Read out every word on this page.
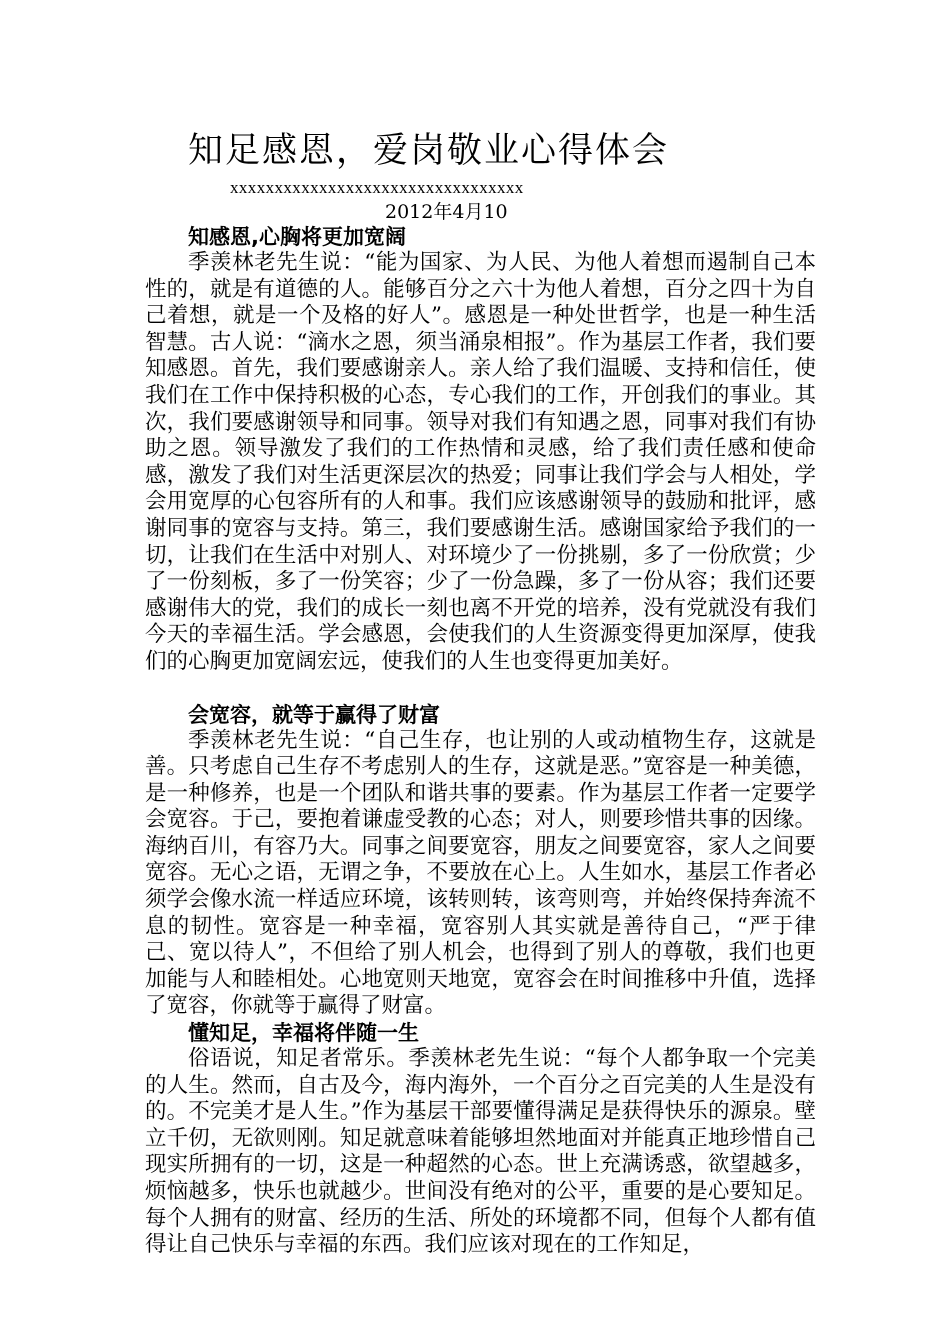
知足感恩，爱岗敬业心得体会
xxxxxxxxxxxxxxxxxxxxxxxxxxxxxxxxx
2012年4月10
知感恩,心胸将更加宽阔

季羡林老先生说：“能为国家、为人民、为他人着想而遏制自己本性的，就是有道德的人。能够百分之六十为他人着想，百分之四十为自己着想，就是一个及格的好人”。感恩是一种处世哲学，也是一种生活智慧。古人说：“滴水之恩，须当涌泉相报”。作为基层工作者，我们要知感恩。首先，我们要感谢亲人。亲人给了我们温暖、支持和信任，使我们在工作中保持积极的心态，专心我们的工作，开创我们的事业。其次，我们要感谢领导和同事。领导对我们有知遇之恩，同事对我们有协助之恩。领导激发了我们的工作热情和灵感，给了我们责任感和使命感，激发了我们对生活更深层次的热爱；同事让我们学会与人相处，学会用宽厚的心包容所有的人和事。我们应该感谢领导的鼓励和批评，感谢同事的宽容与支持。第三，我们要感谢生活。感谢国家给予我们的一切，让我们在生活中对别人、对环境少了一份挑剔，多了一份欣赏；少了一份刻板，多了一份笑容；少了一份急躁，多了一份从容；我们还要感谢伟大的党，我们的成长一刻也离不开党的培养，没有党就没有我们今天的幸福生活。学会感恩，会使我们的人生资源变得更加深厚，使我们的心胸更加宽阔宏远，使我们的人生也变得更加美好。

会宽容，就等于赢得了财富

季羡林老先生说：“自己生存，也让别的人或动植物生存，这就是善。只考虑自己生存不考虑别人的生存，这就是恶。”宽容是一种美德，是一种修养，也是一个团队和谐共事的要素。作为基层工作者一定要学会宽容。于己，要抱着谦虚受教的心态；对人，则要珍惜共事的因缘。海纳百川，有容乃大。同事之间要宽容，朋友之间要宽容，家人之间要宽容。无心之语，无谓之争，不要放在心上。人生如水，基层工作者必须学会像水流一样适应环境，该转则转，该弯则弯，并始终保持奔流不息的韧性。宽容是一种幸福，宽容别人其实就是善待自己，“严于律己、宽以待人”，不但给了别人机会，也得到了别人的尊敬，我们也更加能与人和睦相处。心地宽则天地宽，宽容会在时间推移中升值，选择了宽容，你就等于赢得了财富。

懂知足，幸福将伴随一生

俗语说，知足者常乐。季羡林老先生说：“每个人都争取一个完美的人生。然而，自古及今，海内海外，一个百分之百完美的人生是没有的。不完美才是人生。”作为基层干部要懂得满足是获得快乐的源泉。壁立千仞，无欲则刚。知足就意味着能够坦然地面对并能真正地珍惜自己现实所拥有的一切，这是一种超然的心态。世上充满诱惑，欲望越多，烦恼越多，快乐也就越少。世间没有绝对的公平，重要的是心要知足。每个人拥有的财富、经历的生活、所处的环境都不同，但每个人都有值得让自己快乐与幸福的东西。我们应该对现在的工作知足，
